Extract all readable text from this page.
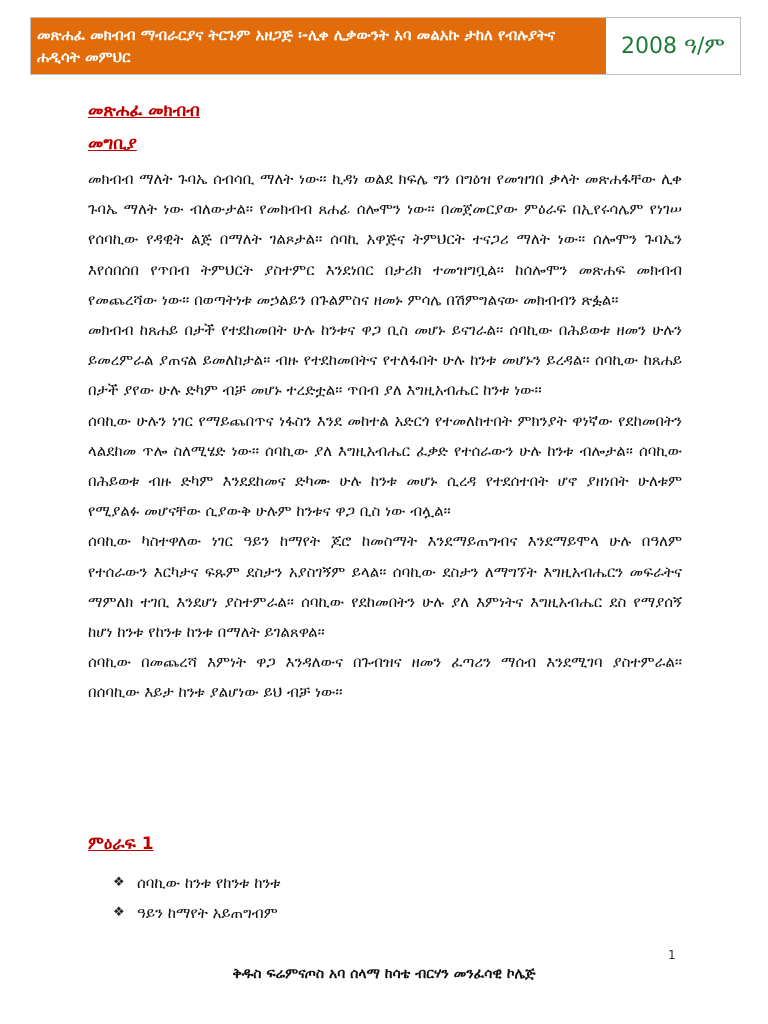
መጽሐፈ መክብብ ማብራርያና ትርጉም አዘጋጅ ፡-ሊቀ ሊቃውንት አባ መልአኩ ታከለ የብሉያትና ሐዲሳት መምህር	2008 ዓ/ም
መጽሐፈ መክብብ
መግቢያ

መክብብ ማለት ጉባኤ ሰብሳቢ ማለት ነው፡፡ ኪዳነ ወልደ ክፍሌ ግን በግዕዝ የመዝገበ ቃላት መጽሐፋቸው ሊቀ ጉባኤ ማለት ነው ብለውታል፡፡ የመክብብ ጸሐፊ ሰሎሞን ነው፡፡ በመጀመርያው ምዕራፍ በኢየሩሳሌም የነገሠ የሰባኪው የዳዊት ልጅ በማለት ገልጾታል፡፡ ሰባኪ አዋጅና ትምህርት ተናጋሪ ማለት ነው፡፡ ሰሎሞን ጉባኤን እየሰበሰበ የጥበብ ትምህርት ያስተምር እንደነበር በታሪክ ተመዝግቧል፡፡ ከሰሎሞን መጽሐፍ መክብብ የመጨረሻው ነው፡፡ በወጣትነቱ መኃልይን በጉልምስና ዘመኑ ምሳሌ በሽምግልናው መክብብን ጽፏል፡፡

መክብብ ከጸሐይ በታች የተደከመበት ሁሉ ከንቱና ዋጋ ቢስ መሆኑ ይናገራል፡፡ ሰባኪው በሕይወቱ ዘመን ሁሉን ይመረምራል ያጠናል ይመለከታል፡፡ ብዙ የተደከመበትና የተለፋበት ሁሉ ከንቱ መሆኑን ይረዳል፡፡ ሰባኪው ከጸሐይ በታች ያየው ሁሉ ድካም ብቻ መሆኑ ተረድቷል፡፡ ጥበብ ያለ እግዚአብሔር ከንቱ ነው፡፡

ሰባኪው ሁሉን ነገር የማይጨበጥና ነፋስን እንደ መከተል አድርጎ የተመለከተበት ምክንያት ዋነኛው የደከመበትን ላልደከመ ጥሎ ስለሚሄድ ነው፡፡ ሰባኪው ያለ እግዚአብሔር ፈቃድ የተሰራውን ሁሉ ከንቱ ብሎታል፡፡ ሰባኪው በሕይወቱ ብዙ ድካም እንደደከመና ድካሙ ሁሉ ከንቱ መሆኑ ሲረዳ የተደሰተበት ሆኖ ያዘነበት ሁለቱም የሚያልፉ መሆናቸው ሲያውቅ ሁሉም ከንቱና ዋጋ ቢስ ነው ብሏል፡፡

ሰባኪው ካስተዋለው ነገር ዓይን ከማየት ጆሮ ከመስማት እንደማይጠግብና እንደማይሞላ ሁሉ በዓለም የተሰራውን እርካታና ፍጹም ደስታን አያስገኝም ይላል፡፡ ሰባኪው ደስታን ለማግኘት እግዚአብሔርን መፍራትና ማምለክ ተገቢ እንደሆነ ያስተምራል፡፡ ሰባኪው የደከመበትን ሁሉ ያለ እምነትና እግዚአብሔር ደስ የማያሰኝ ከሆነ ከንቱ የከንቱ ከንቱ በማለት ይገልጸዋል፡፡

ሰባኪው በመጨረሻ እምነት ዋጋ እንዳለውና በጉብዝና ዘመን ፈጣሪን ማሰብ እንደሚገባ ያስተምራል፡፡ በሰባኪው እይታ ከንቱ ያልሆነው ይህ ብቻ ነው፡፡

ምዕራፍ 1
❖ ሰባኪው ከንቱ የከንቱ ከንቱ
❖ ዓይን ከማየት አይጠግብም
1
ቅዱስ ፍሬምናጦስ አባ ሰላማ ከሳቴ ብርሃን መንፈሳዊ ኮሌጅ
